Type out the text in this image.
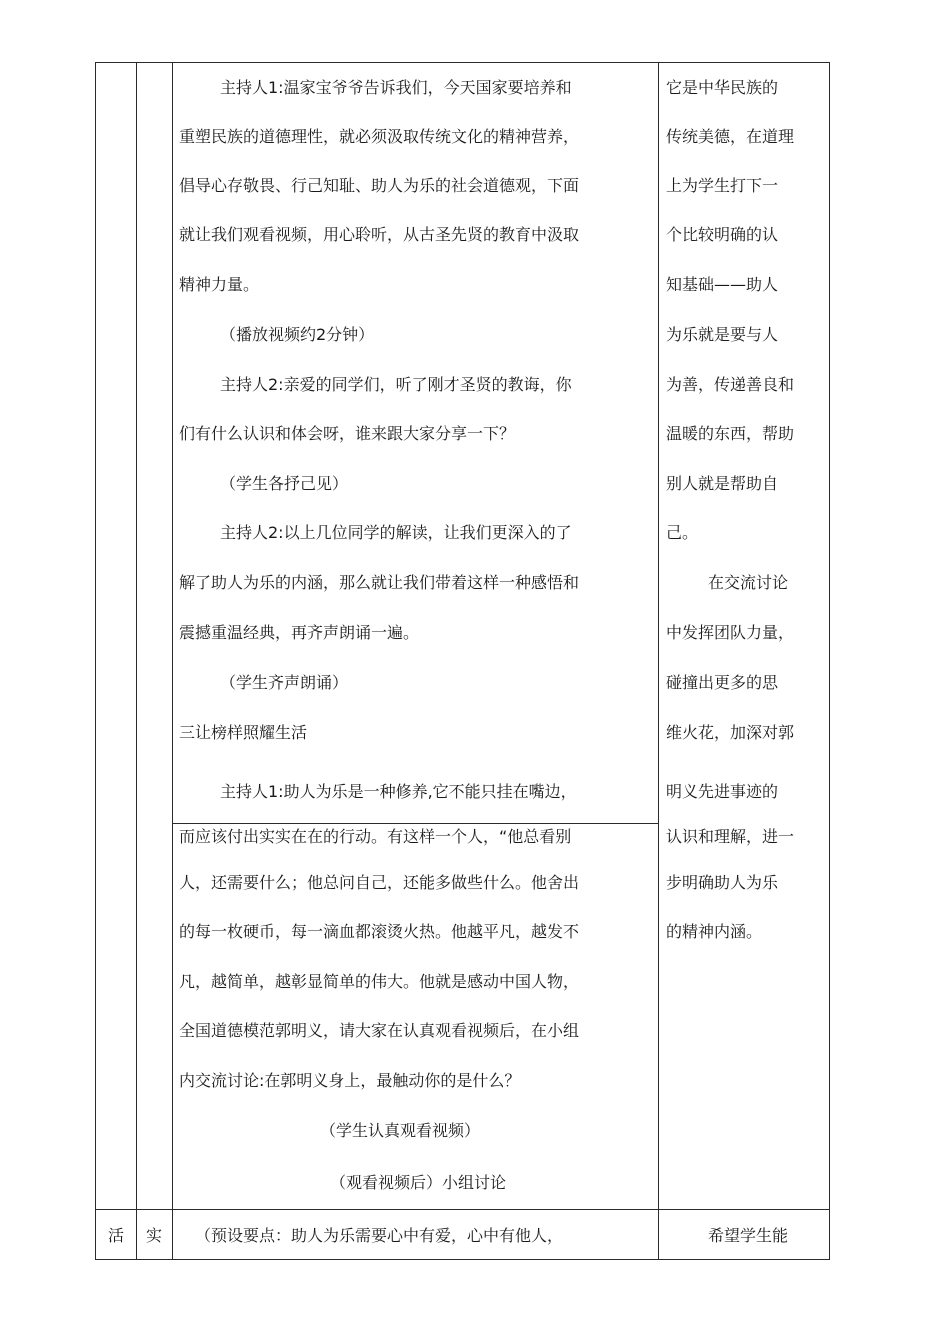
主持人1:温家宝爷爷告诉我们，今天国家要培养和
重塑民族的道德理性，就必须汲取传统文化的精神营养，
倡导心存敬畏、行己知耻、助人为乐的社会道德观，下面
就让我们观看视频，用心聆听，从古圣先贤的教育中汲取
精神力量。
（播放视频约2分钟）
主持人2:亲爱的同学们，听了刚才圣贤的教诲，你
们有什么认识和体会呀，谁来跟大家分享一下？
（学生各抒己见）
主持人2:以上几位同学的解读，让我们更深入的了
解了助人为乐的内涵，那么就让我们带着这样一种感悟和
震撼重温经典，再齐声朗诵一遍。
（学生齐声朗诵）
三让榜样照耀生活
主持人1:助人为乐是一种修养,它不能只挂在嘴边，
而应该付出实实在在的行动。有这样一个人，“他总看别
人，还需要什么；他总问自己，还能多做些什么。他舍出
的每一枚硬币，每一滴血都滚烫火热。他越平凡，越发不
凡，越简单，越彰显简单的伟大。他就是感动中国人物，
全国道德模范郭明义，请大家在认真观看视频后，在小组
内交流讨论:在郭明义身上，最触动你的是什么？
（学生认真观看视频）
（观看视频后）小组讨论
它是中华民族的
传统美德，在道理
上为学生打下一
个比较明确的认
知基础——助人
为乐就是要与人
为善，传递善良和
温暖的东西，帮助
别人就是帮助自
己。
在交流讨论
中发挥团队力量，
碰撞出更多的思
维火花，加深对郭
明义先进事迹的
认识和理解，进一
步明确助人为乐
的精神内涵。
活 实 （预设要点：助人为乐需要心中有爱，心中有他人，	希望学生能
